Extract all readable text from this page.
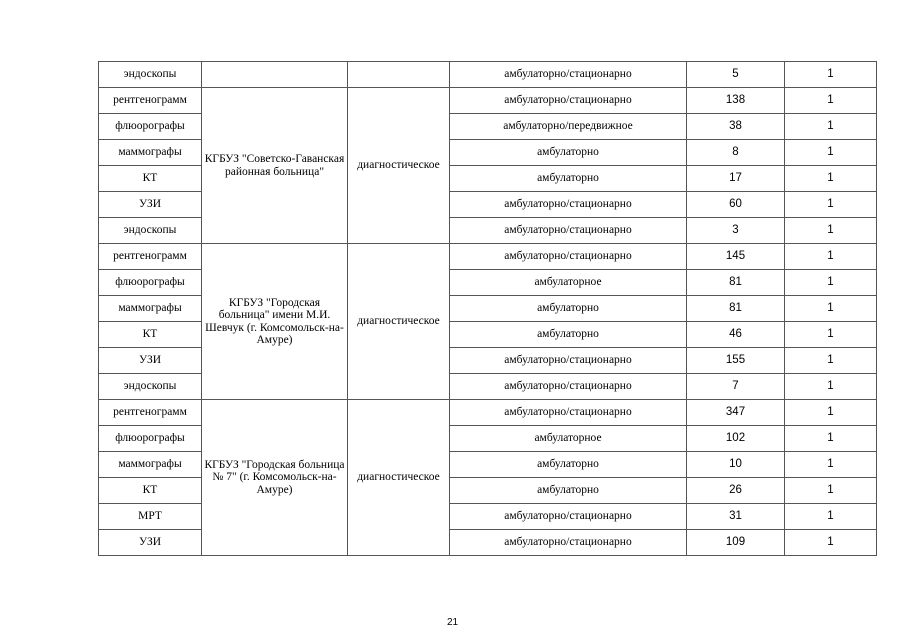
эндоскопы			амбулаторно/стационарно	5	1
рентгенограмм	КГБУЗ "Советско-Гаванская районная больница"	диагностическое	амбулаторно/стационарно	138	1
флюорографы			амбулаторно/передвижное	38	1
маммографы			амбулаторно	8	1
КТ			амбулаторно	17	1
УЗИ			амбулаторно/стационарно	60	1
эндоскопы			амбулаторно/стационарно	3	1
рентгенограмм	КГБУЗ "Городская больница" имени М.И. Шевчук (г. Комсомольск-на-Амуре)	диагностическое	амбулаторно/стационарно	145	1
флюорографы			амбулаторное	81	1
маммографы			амбулаторно	81	1
КТ			амбулаторно	46	1
УЗИ			амбулаторно/стационарно	155	1
эндоскопы			амбулаторно/стационарно	7	1
рентгенограмм	КГБУЗ "Городская больница № 7" (г. Комсомольск-на-Амуре)	диагностическое	амбулаторно/стационарно	347	1
флюорографы			амбулаторное	102	1
маммографы			амбулаторно	10	1
КТ			амбулаторно	26	1
МРТ			амбулаторно/стационарно	31	1
УЗИ			амбулаторно/стационарно	109	1
21
